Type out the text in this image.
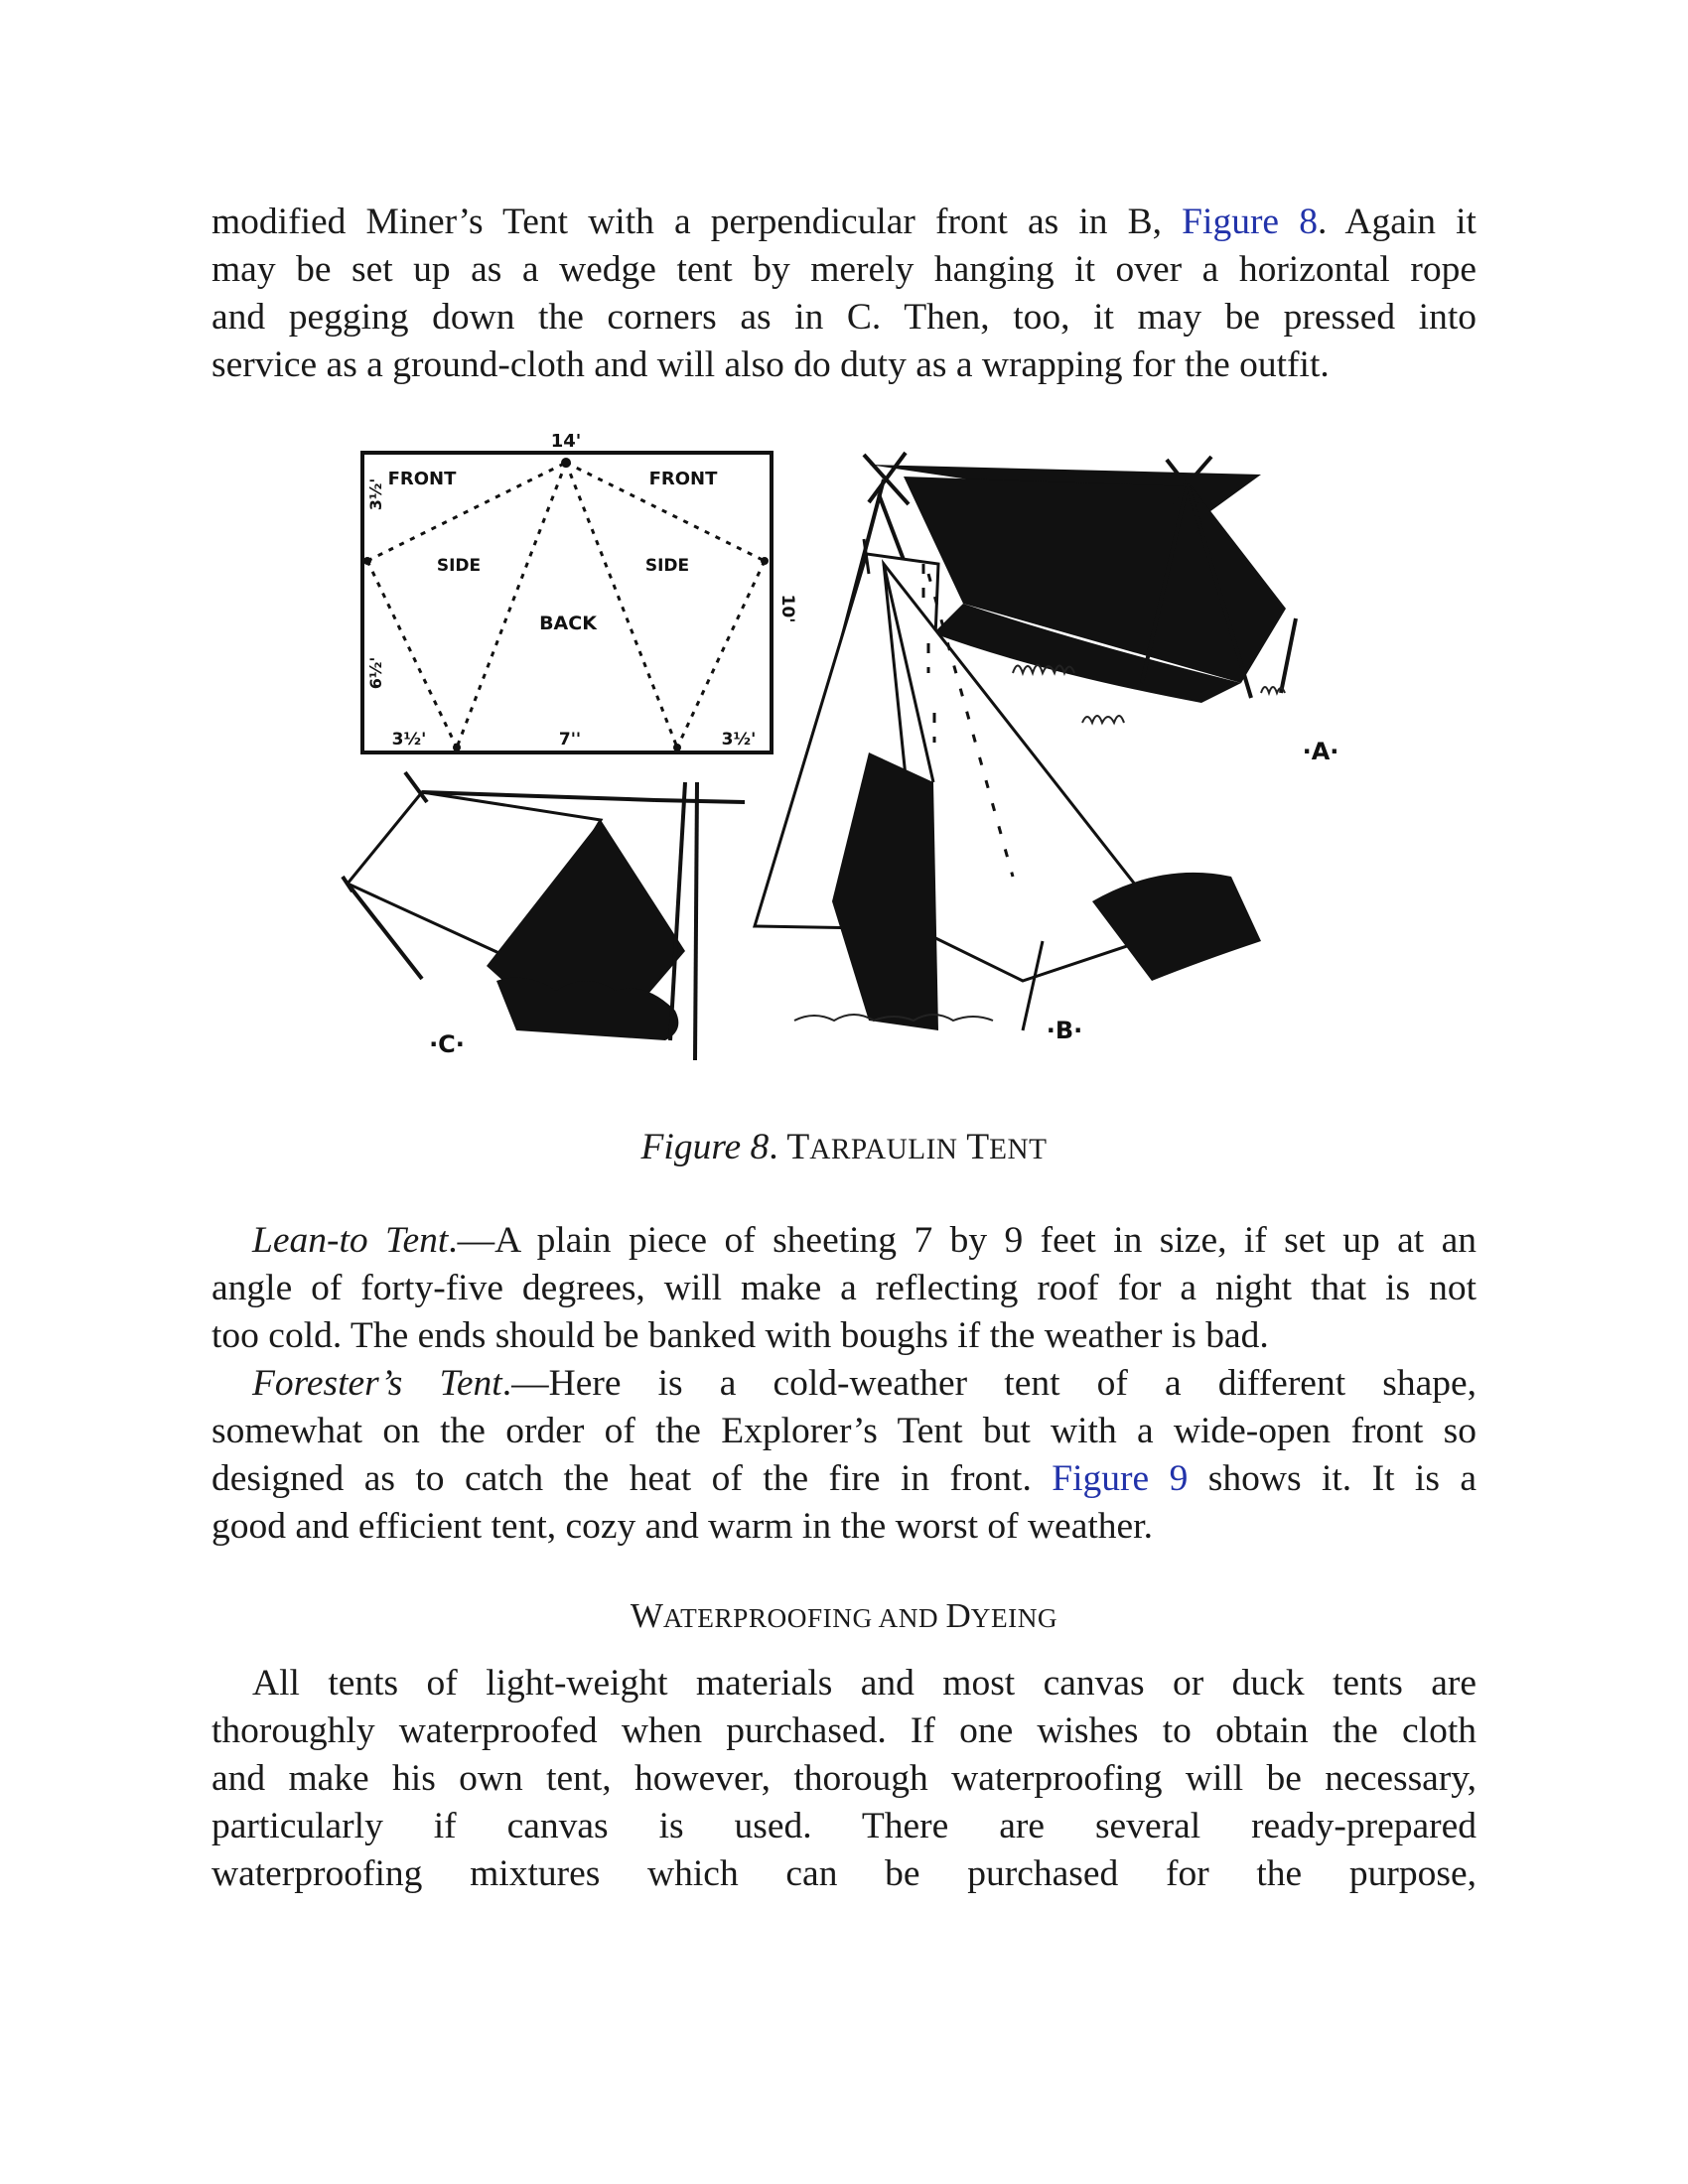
modified Miner’s Tent with a perpendicular front as in B, Figure 8. Again it

may be set up as a wedge tent by merely hanging it over a horizontal rope

and pegging down the corners as in C. Then, too, it may be pressed into

service as a ground-cloth and will also do duty as a wrapping for the outfit.

14'
FRONT	FRONT
SIDE	SIDE
BACK
3½'
6½'
10'
3½'	7''	3½'	·A·
·B·
·C·
Figure 8. TARPAULIN TENT

Lean-to Tent.—A plain piece of sheeting 7 by 9 feet in size, if set up at an

angle of forty-five degrees, will make a reflecting roof for a night that is not

too cold. The ends should be banked with boughs if the weather is bad.

Forester’s Tent.—Here is a cold-weather tent of a different shape,

somewhat on the order of the Explorer’s Tent but with a wide-open front so

designed as to catch the heat of the fire in front. Figure 9 shows it. It is a

good and efficient tent, cozy and warm in the worst of weather.

WATERPROOFING AND DYEING

All tents of light-weight materials and most canvas or duck tents are

thoroughly waterproofed when purchased. If one wishes to obtain the cloth

and make his own tent, however, thorough waterproofing will be necessary,

particularly if canvas is used. There are several ready-prepared

waterproofing mixtures which can be purchased for the purpose,
